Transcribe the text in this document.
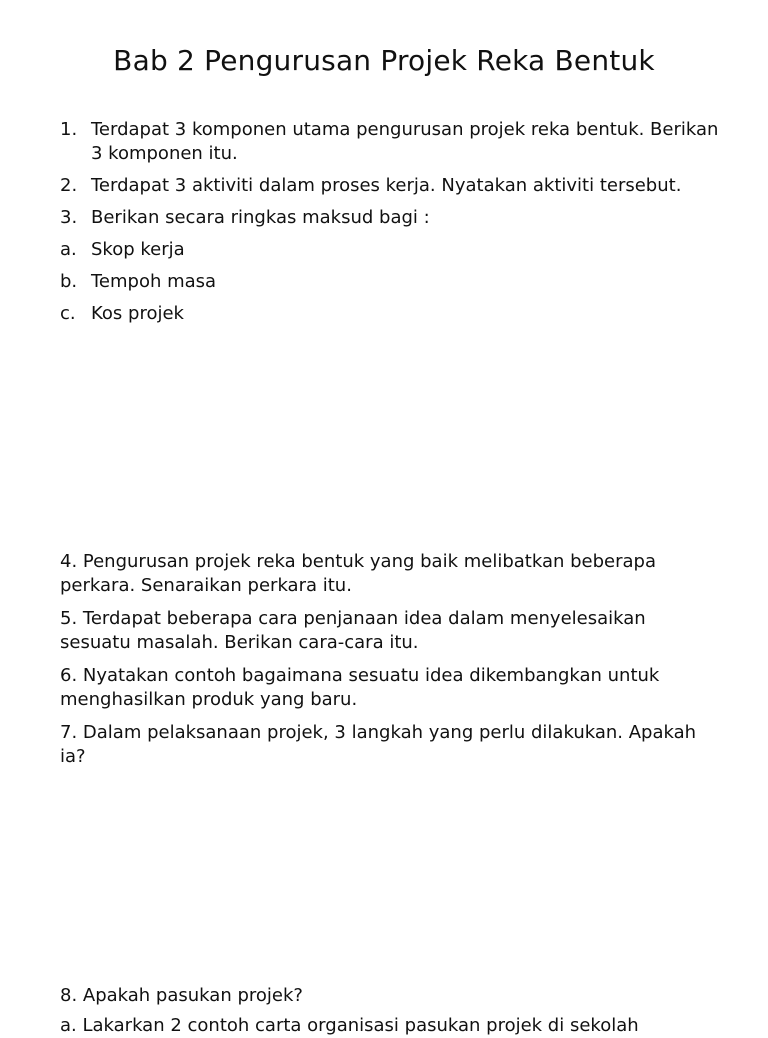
Bab 2 Pengurusan Projek Reka Bentuk
1. Terdapat 3 komponen utama pengurusan projek reka bentuk. Berikan 3 komponen itu.
2. Terdapat 3 aktiviti dalam proses kerja. Nyatakan aktiviti tersebut.
3. Berikan secara ringkas maksud bagi :
a. Skop kerja
b. Tempoh masa
c. Kos projek

4. Pengurusan projek reka bentuk yang baik melibatkan beberapa perkara. Senaraikan perkara itu.

5. Terdapat beberapa cara penjanaan idea dalam menyelesaikan sesuatu masalah. Berikan cara-cara itu.

6. Nyatakan contoh bagaimana sesuatu idea dikembangkan untuk menghasilkan produk yang baru.

7. Dalam pelaksanaan projek, 3 langkah yang perlu dilakukan. Apakah ia?

8. Apakah pasukan projek?

a. Lakarkan 2 contoh carta organisasi pasukan projek di sekolah
